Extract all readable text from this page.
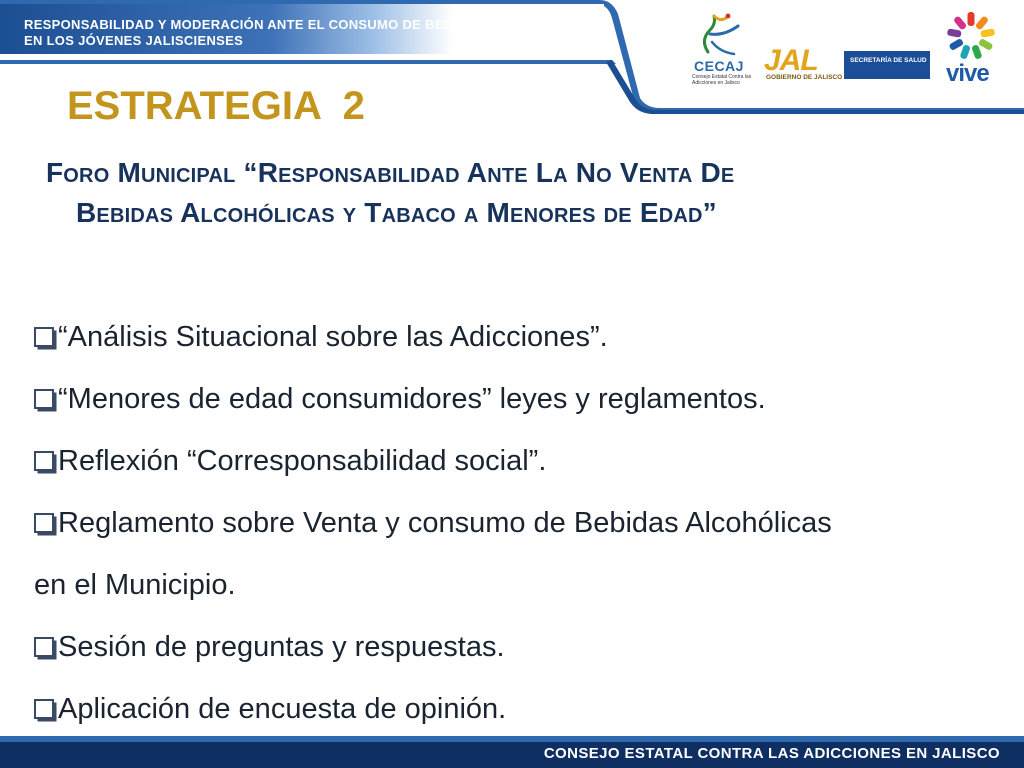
RESPONSABILIDAD Y MODERACIÓN ANTE EL CONSUMO DE BEBIDAS CON ALCOHOL
EN LOS JÓVENES JALISCIENSES
CECAJ
Consejo Estatal Contra las Adicciones en Jalisco
JAL
GOBIERNO DE JALISCO
SECRETARÍA DE SALUD vive
ESTRATEGIA  2
Foro Municipal “Responsabilidad Ante La No Venta De
Bebidas Alcohólicas y Tabaco a Menores de Edad”
“Análisis Situacional sobre las Adicciones”.
“Menores de edad consumidores” leyes y reglamentos.
Reflexión “Corresponsabilidad social”.
Reglamento sobre Venta y consumo de Bebidas Alcohólicas
en el Municipio.
Sesión de preguntas y respuestas.
Aplicación de encuesta de opinión.
CONSEJO ESTATAL CONTRA LAS ADICCIONES EN JALISCO
